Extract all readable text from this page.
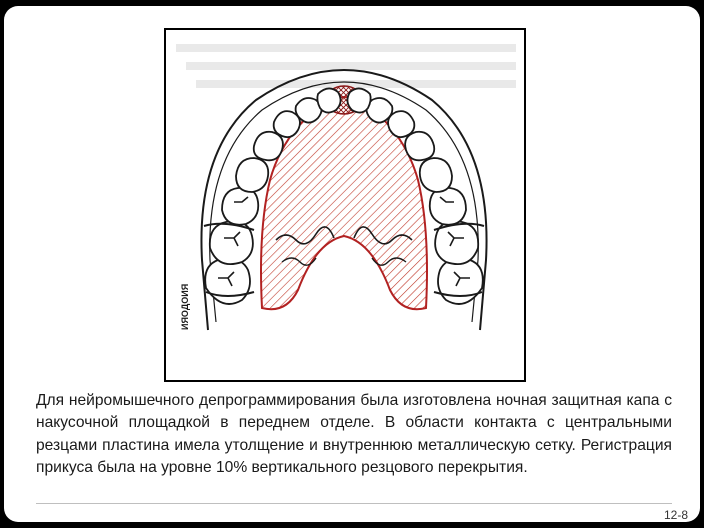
ИЯОДОИЯ

Для нейромышечного депрограммирования была изготовлена ночная защитная капа с накусочной площадкой в переднем отделе. В области контакта с центральными резцами пластина имела утолщение и внутреннюю металлическую сетку. Регистрация прикуса была на уровне 10% вертикального резцового перекрытия.

12-8
